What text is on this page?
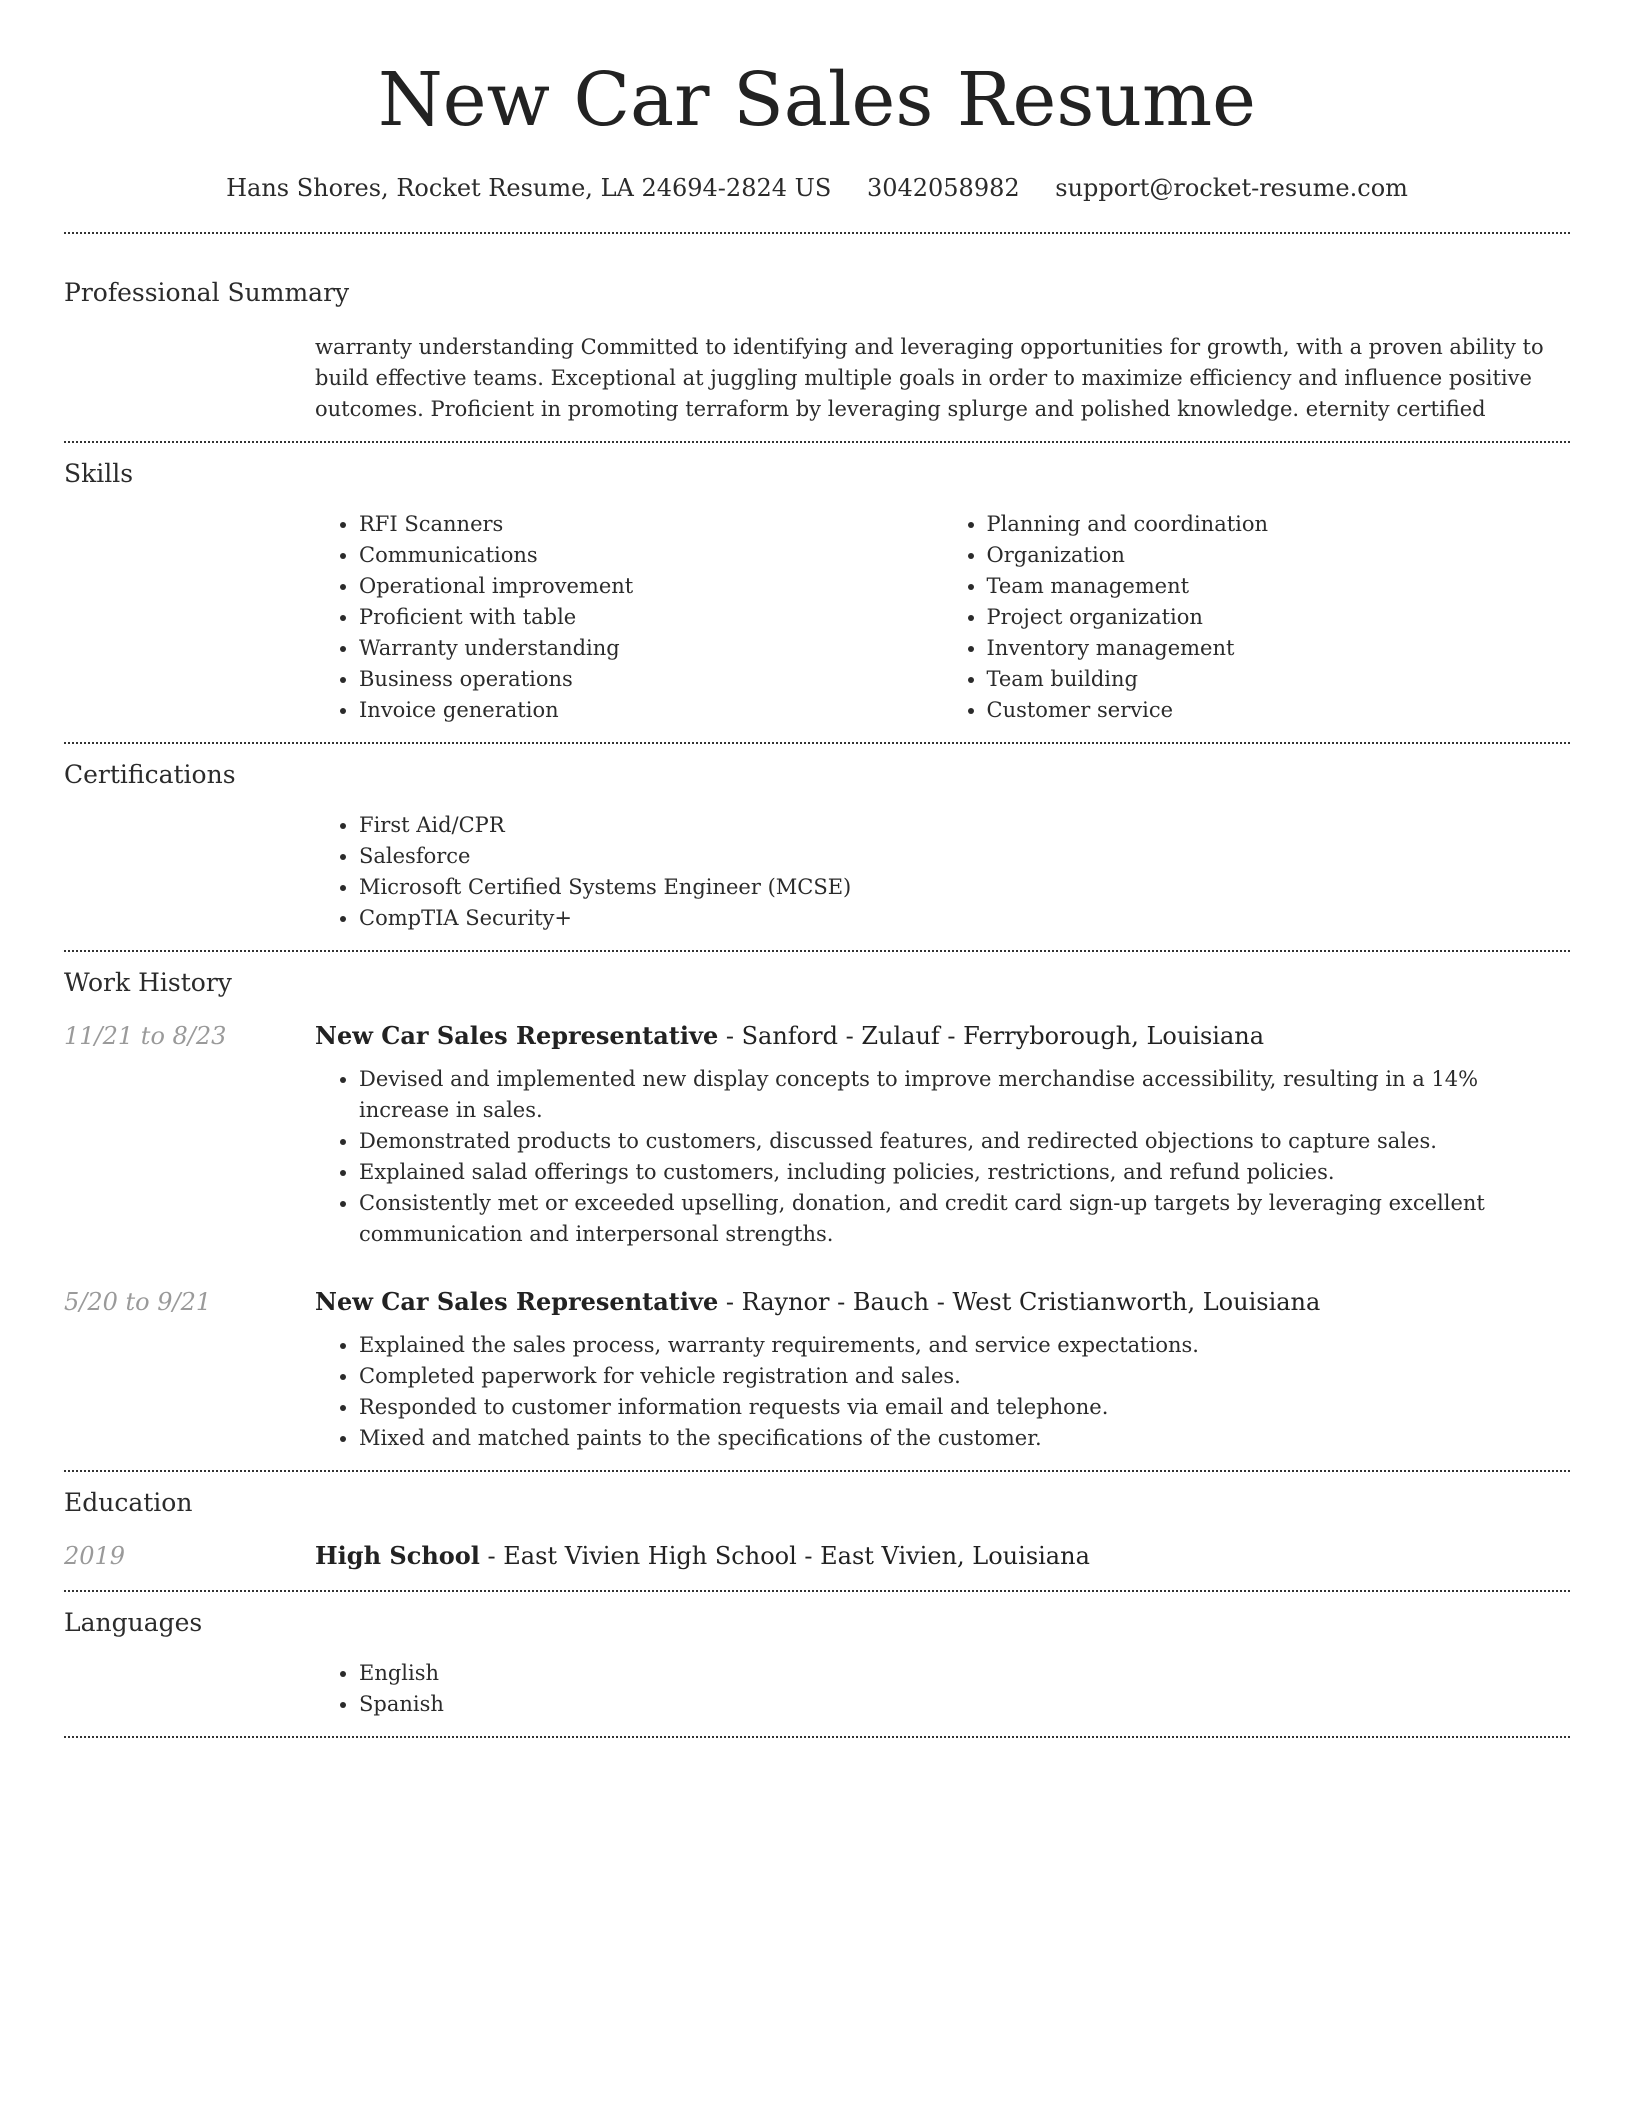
New Car Sales Resume
Hans Shores, Rocket Resume, LA 24694-2824 US 3042058982 support@rocket-resume.com
Professional Summary
warranty understanding Committed to identifying and leveraging opportunities for growth, with a proven ability to build effective teams. Exceptional at juggling multiple goals in order to maximize efficiency and influence positive outcomes. Proficient in promoting terraform by leveraging splurge and polished knowledge. eternity certified
Skills
• RFI Scanners
• Communications
• Operational improvement
• Proficient with table
• Warranty understanding
• Business operations
• Invoice generation
• Planning and coordination
• Organization
• Team management
• Project organization
• Inventory management
• Team building
• Customer service
Certifications
• First Aid/CPR
• Salesforce
• Microsoft Certified Systems Engineer (MCSE)
• CompTIA Security+
Work History
11/21 to 8/23	New Car Sales Representative - Sanford - Zulauf - Ferryborough, Louisiana
• Devised and implemented new display concepts to improve merchandise accessibility, resulting in a 14% increase in sales.
• Demonstrated products to customers, discussed features, and redirected objections to capture sales.
• Explained salad offerings to customers, including policies, restrictions, and refund policies.
• Consistently met or exceeded upselling, donation, and credit card sign-up targets by leveraging excellent communication and interpersonal strengths.
5/20 to 9/21	New Car Sales Representative - Raynor - Bauch - West Cristianworth, Louisiana
• Explained the sales process, warranty requirements, and service expectations.
• Completed paperwork for vehicle registration and sales.
• Responded to customer information requests via email and telephone.
• Mixed and matched paints to the specifications of the customer.
Education
2019	High School - East Vivien High School - East Vivien, Louisiana
Languages
• English
• Spanish
